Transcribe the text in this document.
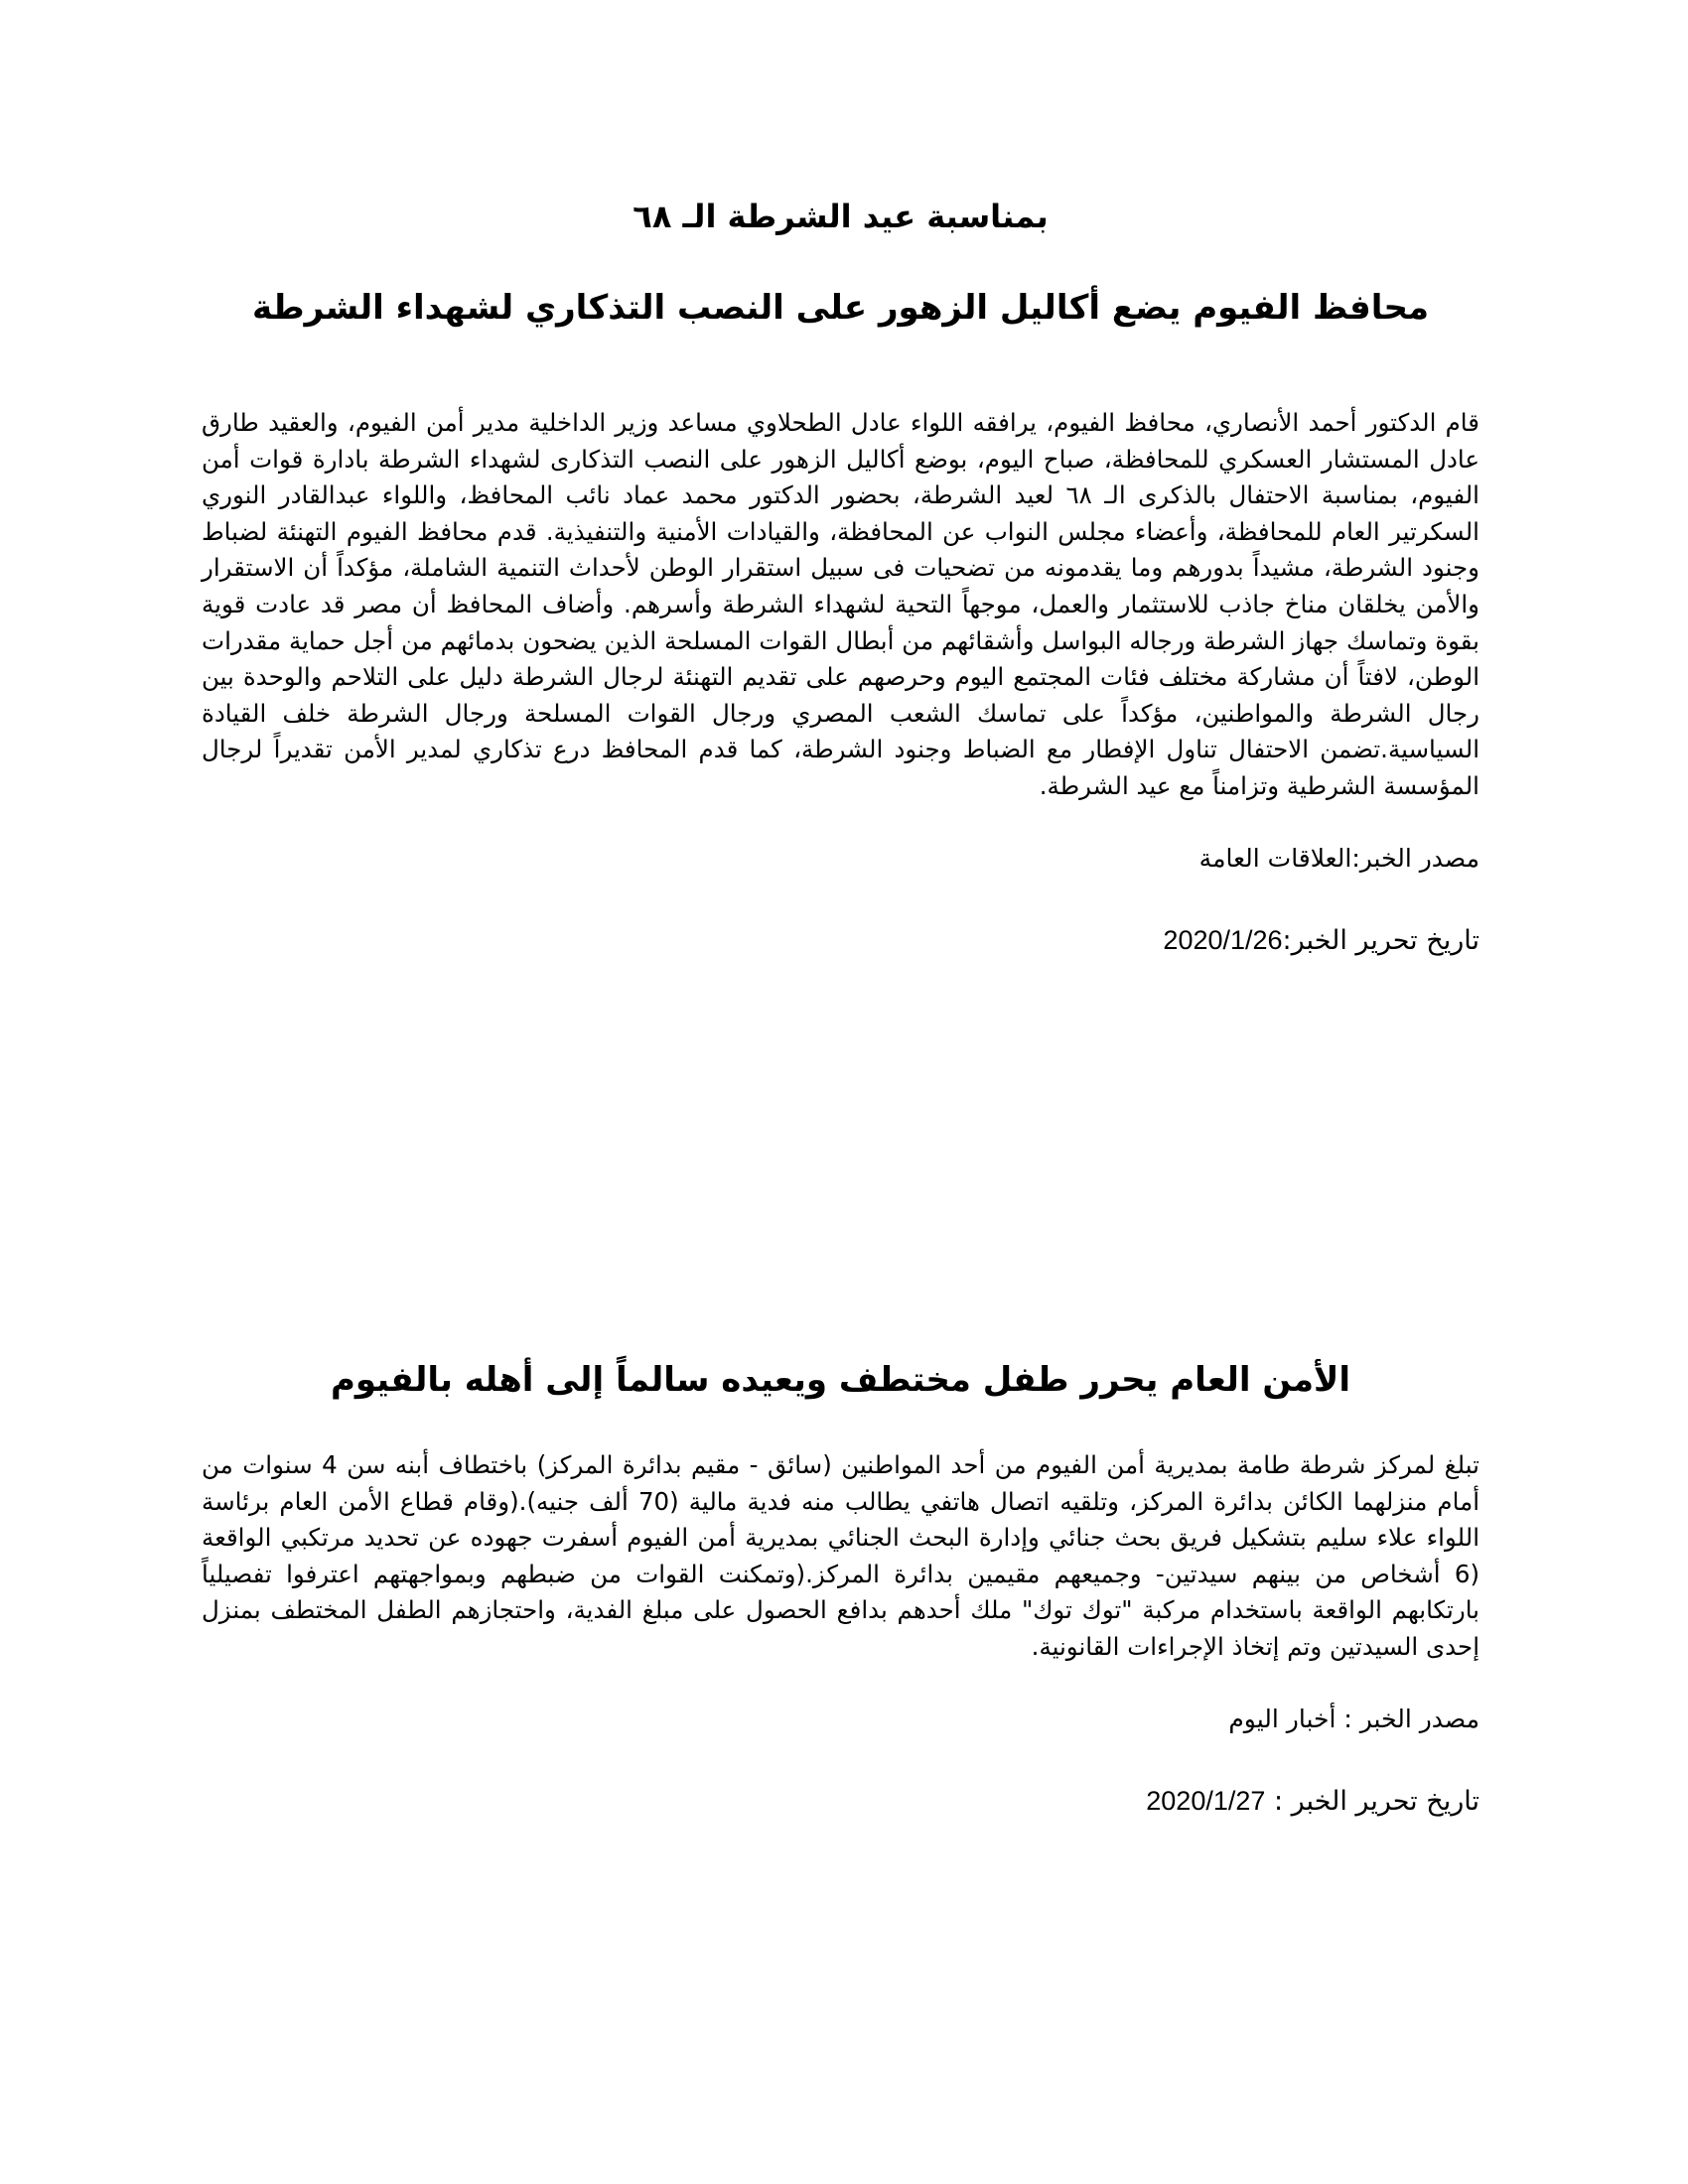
بمناسبة عيد الشرطة الـ ٦٨
محافظ الفيوم يضع أكاليل الزهور على النصب التذكاري لشهداء الشرطة

قام الدكتور أحمد الأنصاري، محافظ الفيوم، يرافقه اللواء عادل الطحلاوي مساعد وزير الداخلية مدير أمن الفيوم، والعقيد طارق عادل المستشار العسكري للمحافظة، صباح اليوم، بوضع أكاليل الزهور على النصب التذكارى لشهداء الشرطة بادارة قوات أمن الفيوم، بمناسبة الاحتفال بالذكرى الـ ٦٨ لعيد الشرطة، بحضور الدكتور محمد عماد نائب المحافظ، واللواء عبدالقادر النوري السكرتير العام للمحافظة، وأعضاء مجلس النواب عن المحافظة، والقيادات الأمنية والتنفيذية. قدم محافظ الفيوم التهنئة لضباط وجنود الشرطة، مشيداً بدورهم وما يقدمونه من تضحيات فى سبيل استقرار الوطن لأحداث التنمية الشاملة، مؤكداً أن الاستقرار والأمن يخلقان مناخ جاذب للاستثمار والعمل، موجهاً التحية لشهداء الشرطة وأسرهم. وأضاف المحافظ أن مصر قد عادت قوية بقوة وتماسك جهاز الشرطة ورجاله البواسل وأشقائهم من أبطال القوات المسلحة الذين يضحون بدمائهم من أجل حماية مقدرات الوطن، لافتاً أن مشاركة مختلف فئات المجتمع اليوم وحرصهم على تقديم التهنئة لرجال الشرطة دليل على التلاحم والوحدة بين رجال الشرطة والمواطنين، مؤكداً على تماسك الشعب المصري ورجال القوات المسلحة ورجال الشرطة خلف القيادة السياسية.تضمن الاحتفال تناول الإفطار مع الضباط وجنود الشرطة، كما قدم المحافظ درع تذكاري لمدير الأمن تقديراً لرجال المؤسسة الشرطية وتزامناً مع عيد الشرطة.

مصدر الخبر:العلاقات العامة

تاريخ تحرير الخبر:2020/1/26

الأمن العام يحرر طفل مختطف ويعيده سالماً إلى أهله بالفيوم

تبلغ لمركز شرطة طامة بمديرية أمن الفيوم من أحد المواطنين (سائق - مقيم بدائرة المركز) باختطاف أبنه سن 4 سنوات من أمام منزلهما الكائن بدائرة المركز، وتلقيه اتصال هاتفي يطالب منه فدية مالية (70 ألف جنيه).(وقام قطاع الأمن العام برئاسة اللواء علاء سليم بتشكيل فريق بحث جنائي وإدارة البحث الجنائي بمديرية أمن الفيوم أسفرت جهوده عن تحديد مرتكبي الواقعة (6 أشخاص من بينهم سيدتين- وجميعهم مقيمين بدائرة المركز.(وتمكنت القوات من ضبطهم وبمواجهتهم اعترفوا تفصيلياً بارتكابهم الواقعة باستخدام مركبة "توك توك" ملك أحدهم بدافع الحصول على مبلغ الفدية، واحتجازهم الطفل المختطف بمنزل إحدى السيدتين وتم إتخاذ الإجراءات القانونية.

مصدر الخبر : أخبار اليوم

تاريخ تحرير الخبر : 2020/1/27
